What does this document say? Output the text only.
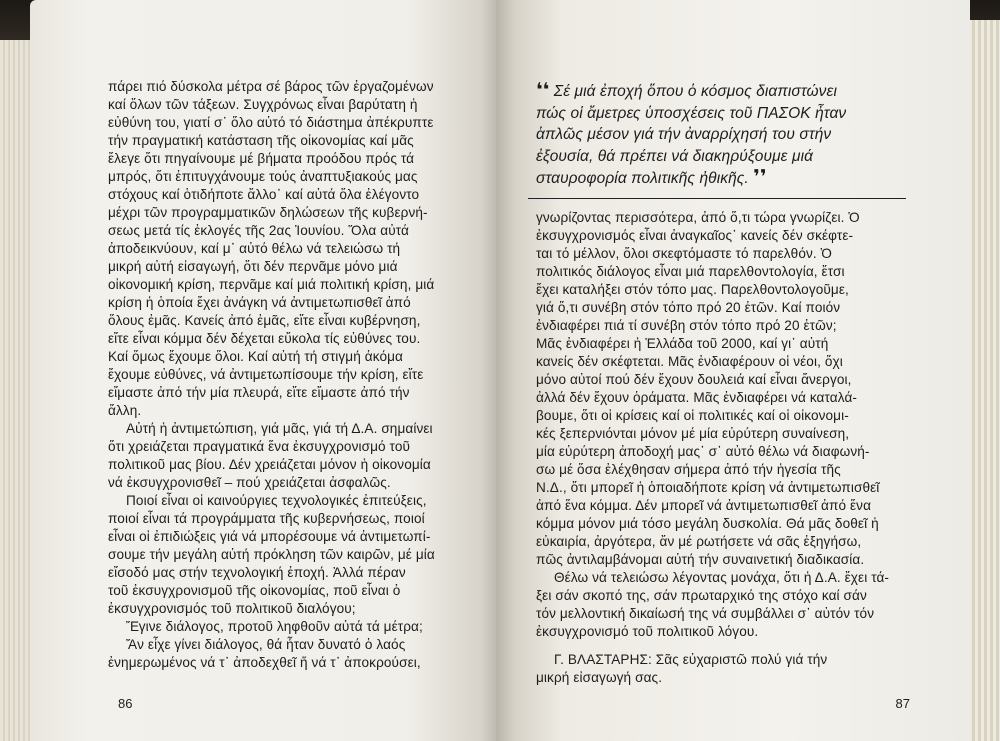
πάρει πιό δύσκολα μέτρα σέ βάρος τῶν ἐργαζομένων
καί ὅλων τῶν τάξεων. Συγχρόνως εἶναι βαρύτατη ἡ
εὐθύνη του, γιατί σ᾽ ὅλο αὐτό τό διάστημα ἀπέκρυπτε
τήν πραγματική κατάσταση τῆς οἰκονομίας καί μᾶς
ἔλεγε ὅτι πηγαίνουμε μέ βήματα προόδου πρός τά
μπρός, ὅτι ἐπιτυγχάνουμε τούς ἀναπτυξιακούς μας
στόχους καί ὁτιδήποτε ἄλλο᾽ καί αὐτά ὅλα ἐλέγοντο
μέχρι τῶν προγραμματικῶν δηλώσεων τῆς κυβερνή-
σεως μετά τίς ἐκλογές τῆς 2ας Ἰουνίου. Ὅλα αὐτά
ἀποδεικνύουν, καί μ᾽ αὐτό θέλω νά τελειώσω τή
μικρή αὐτή εἰσαγωγή, ὅτι δέν περνᾶμε μόνο μιά
οἰκονομική κρίση, περνᾶμε καί μιά πολιτική κρίση, μιά
κρίση ἡ ὁποία ἔχει ἀνάγκη νά ἀντιμετωπισθεῖ ἀπό
ὅλους ἐμᾶς. Κανείς ἀπό ἐμᾶς, εἴτε εἶναι κυβέρνηση,
εἴτε εἶναι κόμμα δέν δέχεται εὔκολα τίς εὐθύνες του.
Καί ὅμως ἔχουμε ὅλοι. Καί αὐτή τή στιγμή ἀκόμα
ἔχουμε εὐθύνες, νά ἀντιμετωπίσουμε τήν κρίση, εἴτε
εἴμαστε ἀπό τήν μία πλευρά, εἴτε εἴμαστε ἀπό τήν
ἄλλη.
Αὐτή ἡ ἀντιμετώπιση, γιά μᾶς, γιά τή Δ.Α. σημαίνει
ὅτι χρειάζεται πραγματικά ἕνα ἐκσυγχρονισμό τοῦ
πολιτικοῦ μας βίου. Δέν χρειάζεται μόνον ἡ οἰκονομία
νά ἐκσυγχρονισθεῖ – πού χρειάζεται ἀσφαλῶς.
Ποιοί εἶναι οἱ καινούργιες τεχνολογικές ἐπιτεύξεις,
ποιοί εἶναι τά προγράμματα τῆς κυβερνήσεως, ποιοί
εἶναι οἱ ἐπιδιώξεις γιά νά μπορέσουμε νά ἀντιμετωπί-
σουμε τήν μεγάλη αὐτή πρόκληση τῶν καιρῶν, μέ μία
εἴσοδό μας στήν τεχνολογική ἐποχή. Ἀλλά πέραν
τοῦ ἐκσυγχρονισμοῦ τῆς οἰκονομίας, ποῦ εἶναι ὁ
ἐκσυγχρονισμός τοῦ πολιτικοῦ διαλόγου;
Ἔγινε διάλογος, προτοῦ ληφθοῦν αὐτά τά μέτρα;
Ἄν εἶχε γίνει διάλογος, θά ἦταν δυνατό ὁ λαός
ἐνημερωμένος νά τ᾽ ἀποδεχθεῖ ἤ νά τ᾽ ἀποκρούσει,
86
❛❛ Σέ μιά ἐποχή ὅπου ὁ κόσμος διαπιστώνει
πώς οἱ ἄμετρες ὑποσχέσεις τοῦ ΠΑΣΟΚ ἦταν
ἁπλῶς μέσον γιά τήν ἀναρρίχησή του στήν
ἐξουσία, θά πρέπει νά διακηρύξουμε μιά
σταυροφορία πολιτικῆς ἠθικῆς. ❜❜
γνωρίζοντας περισσότερα, ἀπό ὅ,τι τώρα γνωρίζει. Ὁ
ἐκσυγχρονισμός εἶναι ἀναγκαῖος᾽ κανείς δέν σκέφτε-
ται τό μέλλον, ὅλοι σκεφτόμαστε τό παρελθόν. Ὁ
πολιτικός διάλογος εἶναι μιά παρελθοντολογία, ἔτσι
ἔχει καταλήξει στόν τόπο μας. Παρελθοντολογοῦμε,
γιά ὅ,τι συνέβη στόν τόπο πρό 20 ἐτῶν. Καί ποιόν
ἐνδιαφέρει πιά τί συνέβη στόν τόπο πρό 20 ἐτῶν;
Μᾶς ἐνδιαφέρει ἡ Ἑλλάδα τοῦ 2000, καί γι᾽ αὐτή
κανείς δέν σκέφτεται. Μᾶς ἐνδιαφέρουν οἱ νέοι, ὄχι
μόνο αὐτοί πού δέν ἔχουν δουλειά καί εἶναι ἄνεργοι,
ἀλλά δέν ἔχουν ὁράματα. Μᾶς ἐνδιαφέρει νά καταλά-
βουμε, ὅτι οἱ κρίσεις καί οἱ πολιτικές καί οἱ οἰκονομι-
κές ξεπερνιόνται μόνον μέ μία εὐρύτερη συναίνεση,
μία εὐρύτερη ἀποδοχή μας᾽ σ᾽ αὐτό θέλω νά διαφωνή-
σω μέ ὅσα ἐλέχθησαν σήμερα ἀπό τήν ἡγεσία τῆς
Ν.Δ., ὅτι μπορεῖ ἡ ὁποιαδήποτε κρίση νά ἀντιμετωπισθεῖ
ἀπό ἕνα κόμμα. Δέν μπορεῖ νά ἀντιμετωπισθεῖ ἀπό ἕνα
κόμμα μόνον μιά τόσο μεγάλη δυσκολία. Θά μᾶς δοθεῖ ἡ
εὐκαιρία, ἀργότερα, ἄν μέ ρωτήσετε νά σᾶς ἐξηγήσω,
πῶς ἀντιλαμβάνομαι αὐτή τήν συναινετική διαδικασία.
Θέλω νά τελειώσω λέγοντας μονάχα, ὅτι ἡ Δ.Α. ἔχει τά-
ξει σάν σκοπό της, σάν πρωταρχικό της στόχο καί σάν
τόν μελλοντική δικαίωσή της νά συμβάλλει σ᾽ αὐτόν τόν
ἐκσυγχρονισμό τοῦ πολιτικοῦ λόγου.
Γ. ΒΛΑΣΤΑΡΗΣ: Σᾶς εὐχαριστῶ πολύ γιά τήν
μικρή εἰσαγωγή σας.
87
